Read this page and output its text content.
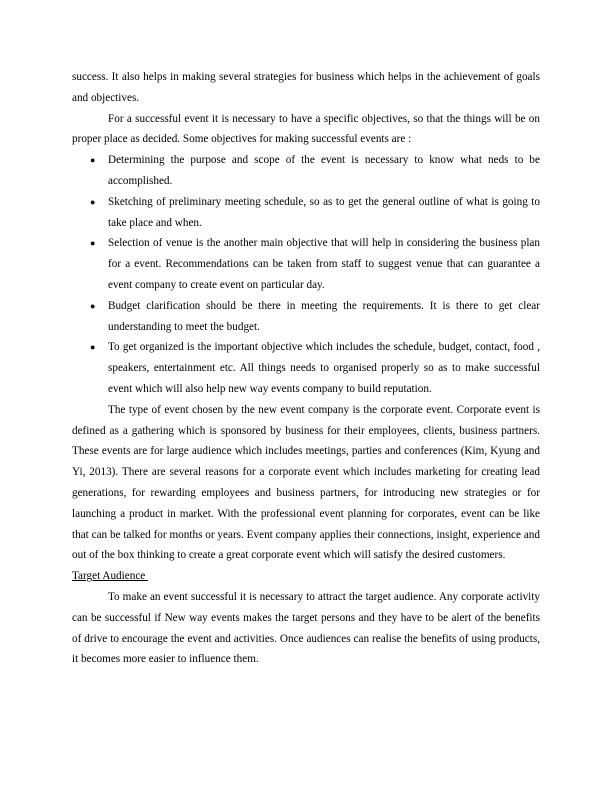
success. It also helps in making several strategies for business which helps in the achievement of goals and objectives.

For a successful event it is necessary to have a specific objectives, so that the things will be on proper place as decided. Some objectives for making successful events are :

● Determining the purpose and scope of the event is necessary to know what neds to be accomplished.
● Sketching of preliminary meeting schedule, so as to get the general outline of what is going to take place and when.
● Selection of venue is the another main objective that will help in considering the business plan for a event. Recommendations can be taken from staff to suggest venue that can guarantee a event company to create event on particular day.
● Budget clarification should be there in meeting the requirements. It is there to get clear understanding to meet the budget.
● To get organized is the important objective which includes the schedule, budget, contact, food , speakers, entertainment etc. All things needs to organised properly so as to make successful event which will also help new way events company to build reputation.

The type of event chosen by the new event company is the corporate event. Corporate event is defined as a gathering which is sponsored by business for their employees, clients, business partners. These events are for large audience which includes meetings, parties and conferences (Kim, Kyung and Yi, 2013). There are several reasons for a corporate event which includes marketing for creating lead generations, for rewarding employees and business partners, for introducing new strategies or for launching a product in market. With the professional event planning for corporates, event can be like that can be talked for months or years. Event company applies their connections, insight, experience and out of the box thinking to create a great corporate event which will satisfy the desired customers.

Target Audience

To make an event successful it is necessary to attract the target audience. Any corporate activity can be successful if New way events makes the target persons and they have to be alert of the benefits of drive to encourage the event and activities. Once audiences can realise the benefits of using products, it becomes more easier to influence them.
